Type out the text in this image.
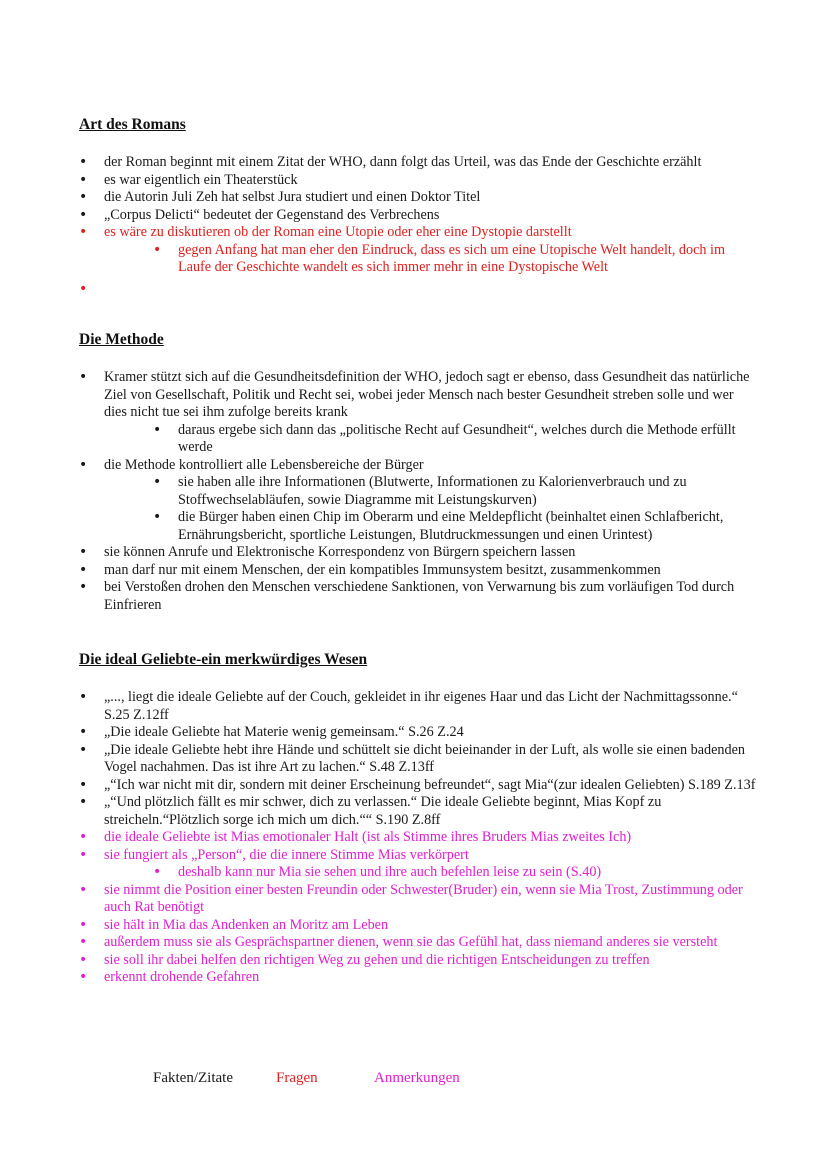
Art des Romans
• der Roman beginnt mit einem Zitat der WHO, dann folgt das Urteil, was das Ende der Geschichte erzählt
• es war eigentlich ein Theaterstück
• die Autorin Juli Zeh hat selbst Jura studiert und einen Doktor Titel
• „Corpus Delicti“ bedeutet der Gegenstand des Verbrechens
• es wäre zu diskutieren ob der Roman eine Utopie oder eher eine Dystopie darstellt
• gegen Anfang hat man eher den Eindruck, dass es sich um eine Utopische Welt handelt, doch im Laufe der Geschichte wandelt es sich immer mehr in eine Dystopische Welt
•
Die Methode
• Kramer stützt sich auf die Gesundheitsdefinition der WHO, jedoch sagt er ebenso, dass Gesundheit das natürliche Ziel von Gesellschaft, Politik und Recht sei, wobei jeder Mensch nach bester Gesundheit streben solle und wer dies nicht tue sei ihm zufolge bereits krank
• daraus ergebe sich dann das „politische Recht auf Gesundheit“, welches durch die Methode erfüllt werde
• die Methode kontrolliert alle Lebensbereiche der Bürger
• sie haben alle ihre Informationen (Blutwerte, Informationen zu Kalorienverbrauch und zu Stoffwechselabläufen, sowie Diagramme mit Leistungskurven)
• die Bürger haben einen Chip im Oberarm und eine Meldepflicht (beinhaltet einen Schlafbericht, Ernährungsbericht, sportliche Leistungen, Blutdruckmessungen und einen Urintest)
• sie können Anrufe und Elektronische Korrespondenz von Bürgern speichern lassen
• man darf nur mit einem Menschen, der ein kompatibles Immunsystem besitzt, zusammenkommen
• bei Verstoßen drohen den Menschen verschiedene Sanktionen, von Verwarnung bis zum vorläufigen Tod durch Einfrieren
Die ideal Geliebte-ein merkwürdiges Wesen
• „..., liegt die ideale Geliebte auf der Couch, gekleidet in ihr eigenes Haar und das Licht der Nachmittagssonne.“ S.25 Z.12ff
• „Die ideale Geliebte hat Materie wenig gemeinsam.“ S.26 Z.24
• „Die ideale Geliebte hebt ihre Hände und schüttelt sie dicht beieinander in der Luft, als wolle sie einen badenden Vogel nachahmen. Das ist ihre Art zu lachen.“ S.48 Z.13ff
• „“Ich war nicht mit dir, sondern mit deiner Erscheinung befreundet“, sagt Mia“(zur idealen Geliebten) S.189 Z.13f
• „“Und plötzlich fällt es mir schwer, dich zu verlassen.“ Die ideale Geliebte beginnt, Mias Kopf zu streicheln.“Plötzlich sorge ich mich um dich.““ S.190 Z.8ff
• die ideale Geliebte ist Mias emotionaler Halt (ist als Stimme ihres Bruders Mias zweites Ich)
• sie fungiert als „Person“, die die innere Stimme Mias verkörpert
• deshalb kann nur Mia sie sehen und ihre auch befehlen leise zu sein (S.40)
• sie nimmt die Position einer besten Freundin oder Schwester(Bruder) ein, wenn sie Mia Trost, Zustimmung oder auch Rat benötigt
• sie hält in Mia das Andenken an Moritz am Leben
• außerdem muss sie als Gesprächspartner dienen, wenn sie das Gefühl hat, dass niemand anderes sie versteht
• sie soll ihr dabei helfen den richtigen Weg zu gehen und die richtigen Entscheidungen zu treffen
• erkennt drohende Gefahren
Fakten/Zitate	Fragen	Anmerkungen
